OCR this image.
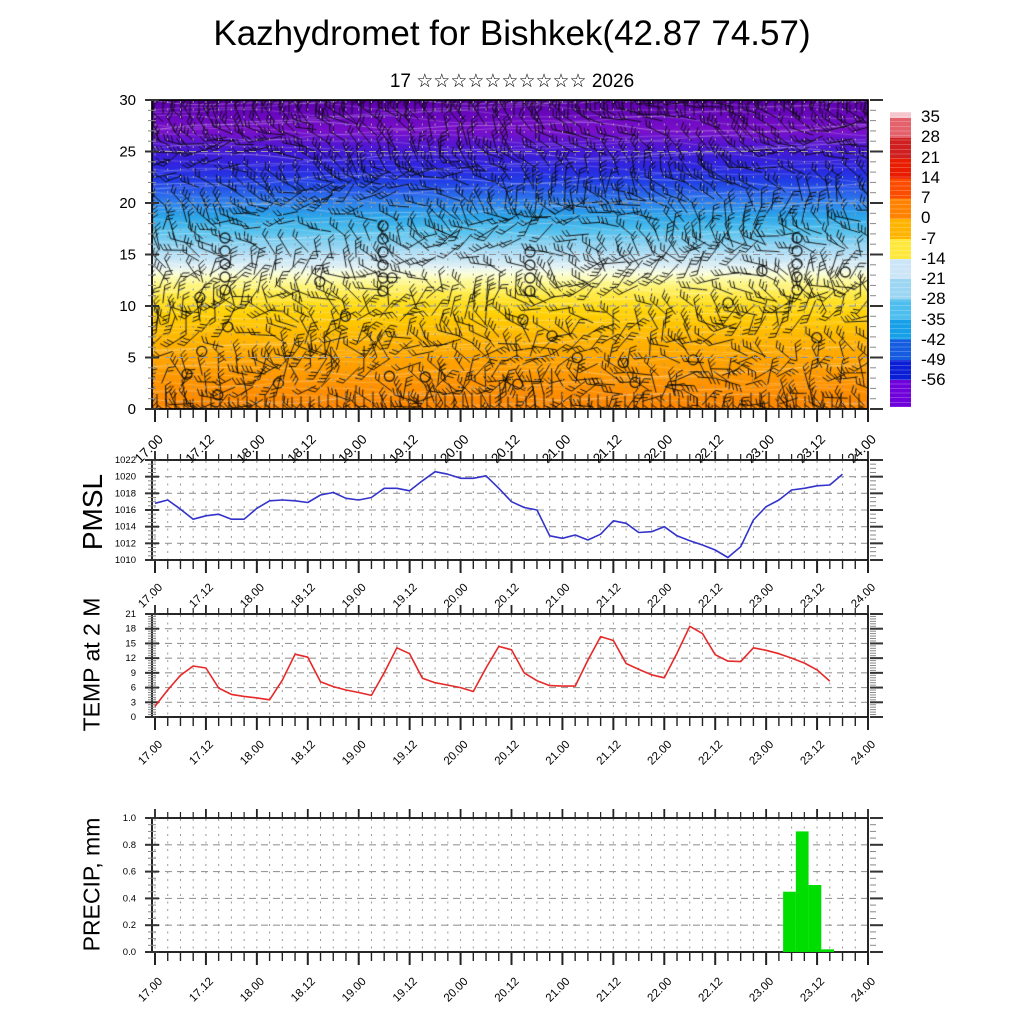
Kazhydromet for Bishkek(42.87 74.57)
17 ☆☆☆☆☆☆☆☆☆☆ 2026
35
28
21
14
7
0
-7
-14
-21
-28
-35
-42
-49
-56
PMSL
TEMP at 2 M
PRECIP, mm
0
5
10
15
20
25
30
17.00 17.12 18.00 18.12 19.00 19.12 20.00 20.12 21.00 21.12 22.00 22.12 23.00 23.12 24.00
1010
1012
1014
1016
1018
1020
1022
17.00 17.12 18.00 18.12 19.00 19.12 20.00 20.12 21.00 21.12 22.00 22.12 23.00 23.12 24.00
0
3
6
9
12
15
18
21
17.00 17.12 18.00 18.12 19.00 19.12 20.00 20.12 21.00 21.12 22.00 22.12 23.00 23.12 24.00
0.0
0.2
0.4
0.6
0.8
1.0
17.00 17.12 18.00 18.12 19.00 19.12 20.00 20.12 21.00 21.12 22.00 22.12 23.00 23.12 24.00
